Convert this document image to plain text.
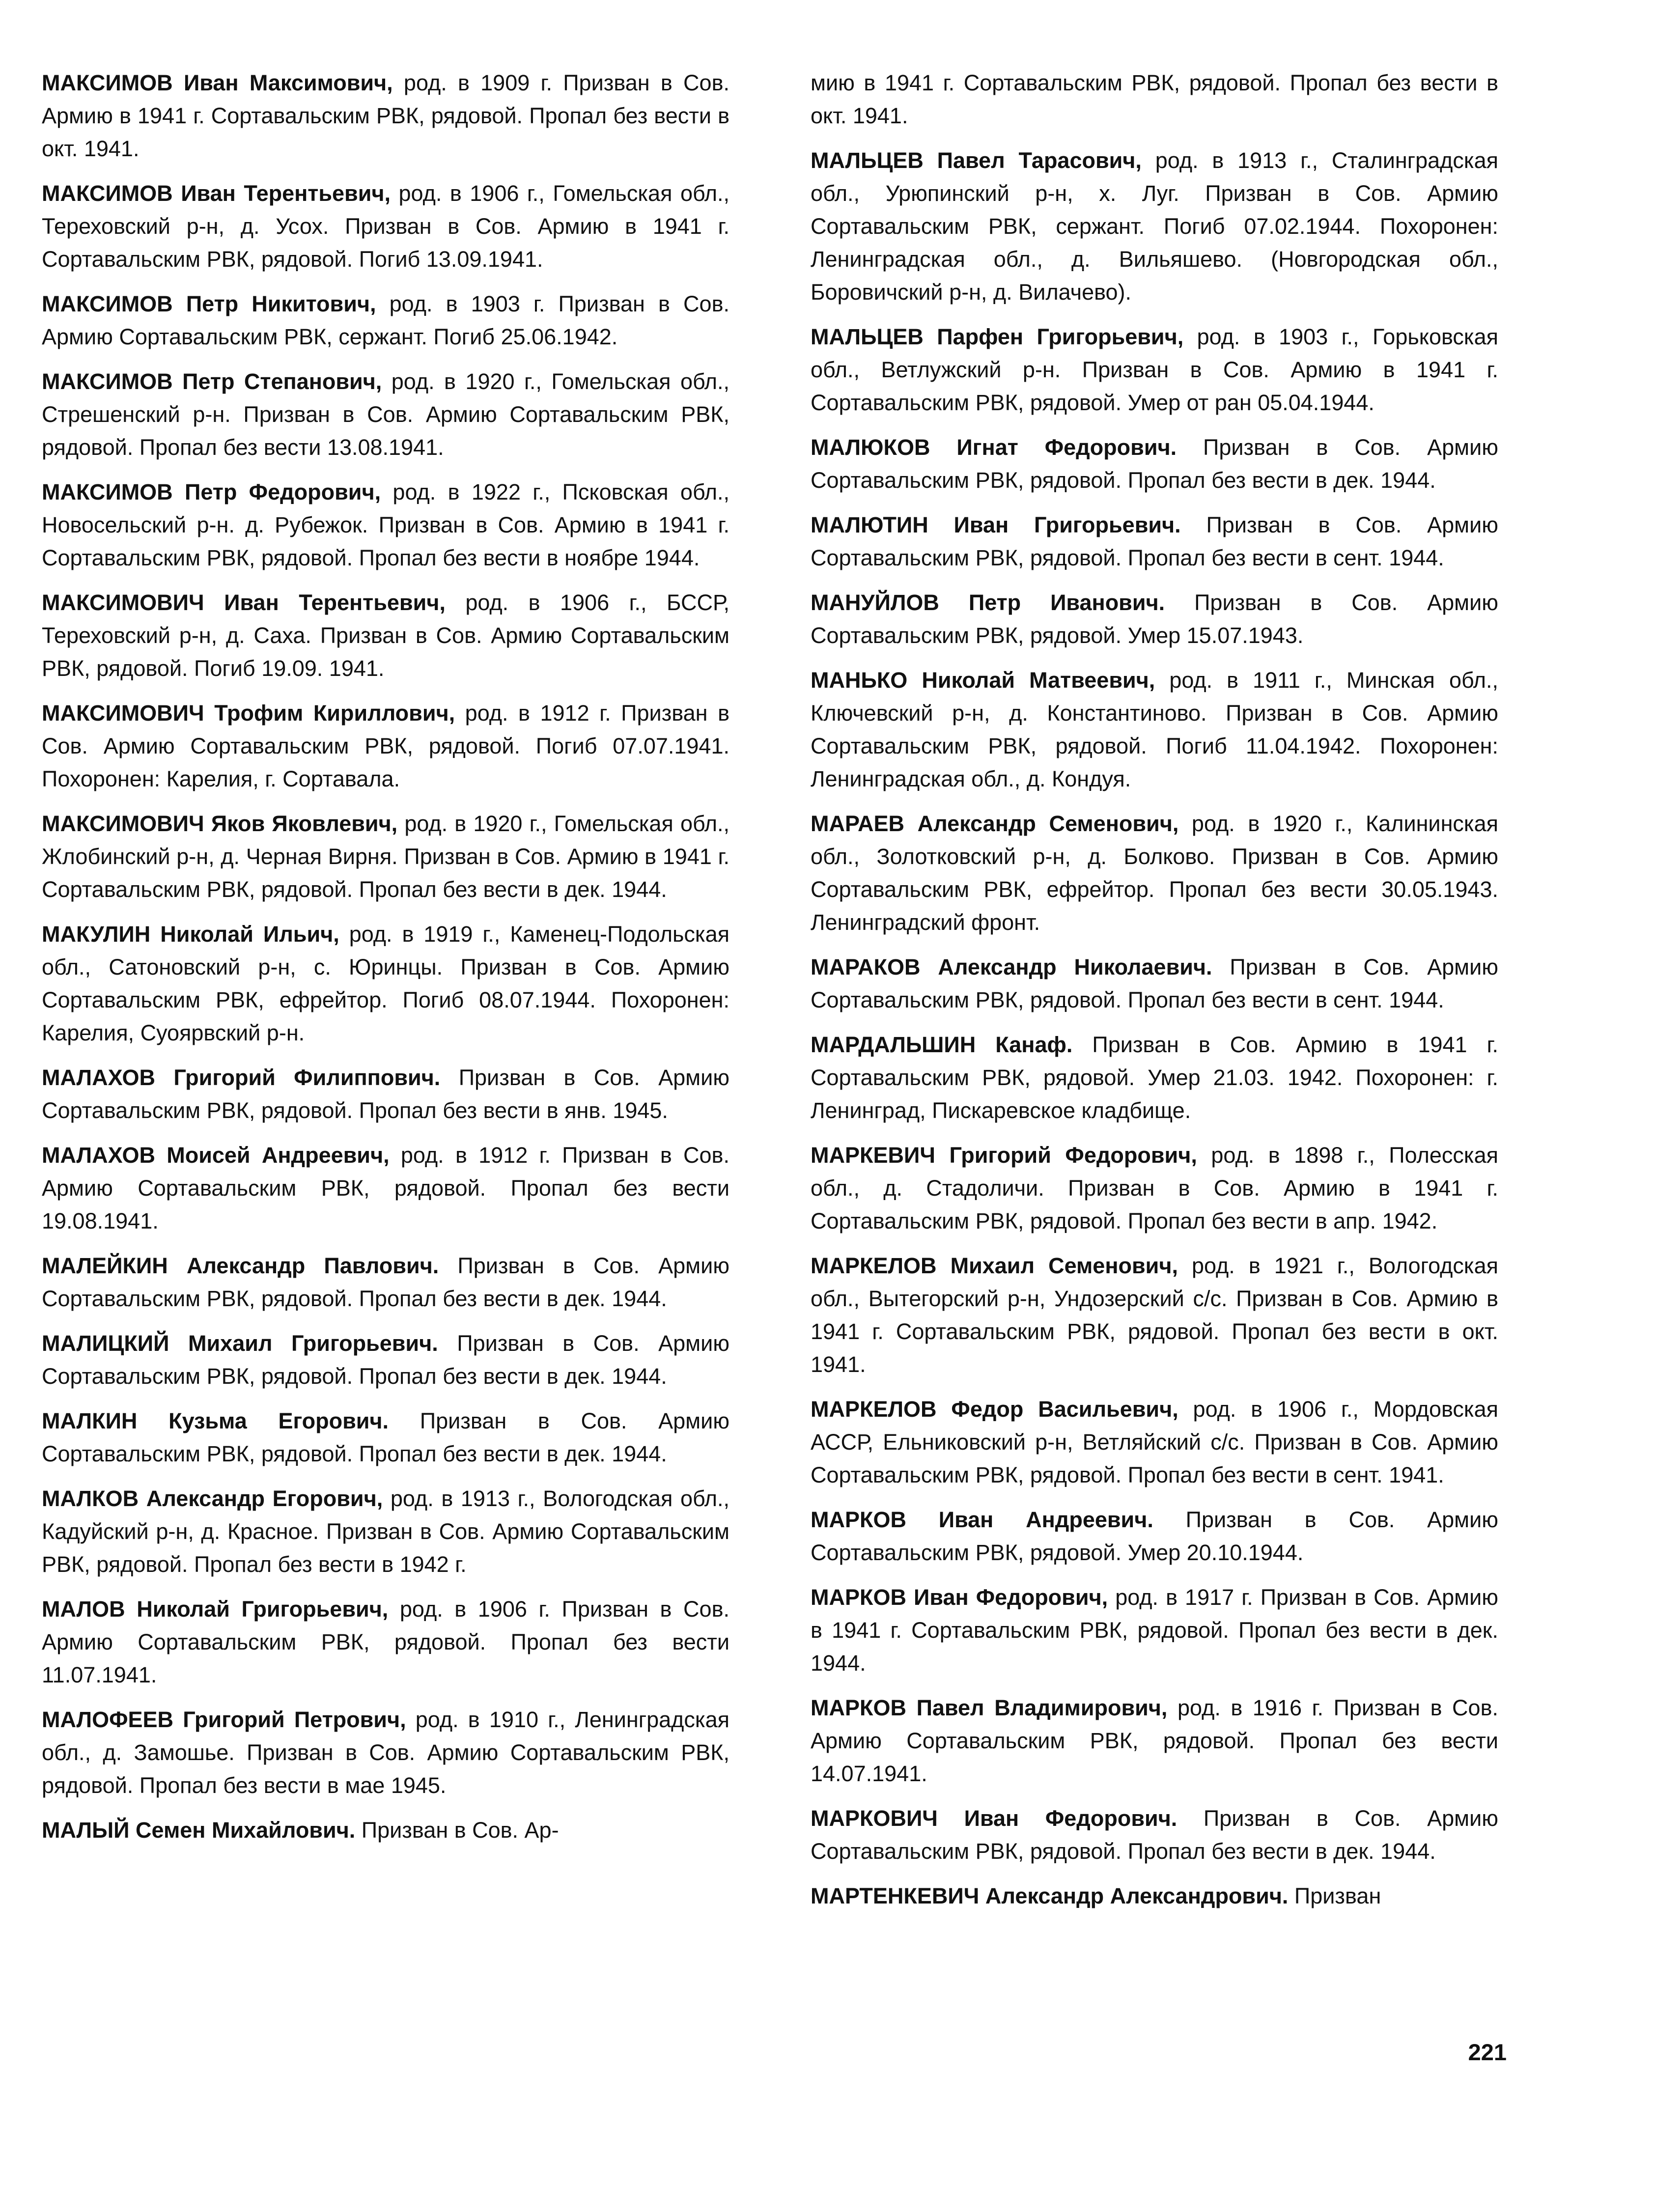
МАКСИМОВ Иван Максимович, род. в 1909 г. Призван в Сов. Армию в 1941 г. Сортавальским РВК, рядовой. Пропал без вести в окт. 1941.

МАКСИМОВ Иван Терентьевич, род. в 1906 г., Гомельская обл., Тереховский р-н, д. Усох. Призван в Сов. Армию в 1941 г. Сортавальским РВК, рядовой. Погиб 13.09.1941.

МАКСИМОВ Петр Никитович, род. в 1903 г. Призван в Сов. Армию Сортавальским РВК, сержант. Погиб 25.06.1942.

МАКСИМОВ Петр Степанович, род. в 1920 г., Гомельская обл., Стрешенский р-н. Призван в Сов. Армию Сортавальским РВК, рядовой. Пропал без вести 13.08.1941.

МАКСИМОВ Петр Федорович, род. в 1922 г., Псковская обл., Новосельский р-н. д. Рубежок. Призван в Сов. Армию в 1941 г. Сортавальским РВК, рядовой. Пропал без вести в ноябре 1944.

МАКСИМОВИЧ Иван Терентьевич, род. в 1906 г., БССР, Тереховский р-н, д. Саха. Призван в Сов. Армию Сортавальским РВК, рядовой. Погиб 19.09. 1941.

МАКСИМОВИЧ Трофим Кириллович, род. в 1912 г. Призван в Сов. Армию Сортавальским РВК, рядовой. Погиб 07.07.1941. Похоронен: Карелия, г. Сортавала.

МАКСИМОВИЧ Яков Яковлевич, род. в 1920 г., Гомельская обл., Жлобинский р-н, д. Черная Вирня. Призван в Сов. Армию в 1941 г. Сортавальским РВК, рядовой. Пропал без вести в дек. 1944.

МАКУЛИН Николай Ильич, род. в 1919 г., Каменец-Подольская обл., Сатоновский р-н, с. Юринцы. Призван в Сов. Армию Сортавальским РВК, ефрейтор. Погиб 08.07.1944. Похоронен: Карелия, Суоярвский р-н.

МАЛАХОВ Григорий Филиппович. Призван в Сов. Армию Сортавальским РВК, рядовой. Пропал без вести в янв. 1945.

МАЛАХОВ Моисей Андреевич, род. в 1912 г. Призван в Сов. Армию Сортавальским РВК, рядовой. Пропал без вести 19.08.1941.

МАЛЕЙКИН Александр Павлович. Призван в Сов. Армию Сортавальским РВК, рядовой. Пропал без вести в дек. 1944.

МАЛИЦКИЙ Михаил Григорьевич. Призван в Сов. Армию Сортавальским РВК, рядовой. Пропал без вести в дек. 1944.

МАЛКИН Кузьма Егорович. Призван в Сов. Армию Сортавальским РВК, рядовой. Пропал без вести в дек. 1944.

МАЛКОВ Александр Егорович, род. в 1913 г., Вологодская обл., Кадуйский р-н, д. Красное. Призван в Сов. Армию Сортавальским РВК, рядовой. Пропал без вести в 1942 г.

МАЛОВ Николай Григорьевич, род. в 1906 г. Призван в Сов. Армию Сортавальским РВК, рядовой. Пропал без вести 11.07.1941.

МАЛОФЕЕВ Григорий Петрович, род. в 1910 г., Ленинградская обл., д. Замошье. Призван в Сов. Армию Сортавальским РВК, рядовой. Пропал без вести в мае 1945.

МАЛЫЙ Семен Михайлович. Призван в Сов. Ар-

мию в 1941 г. Сортавальским РВК, рядовой. Пропал без вести в окт. 1941.

МАЛЬЦЕВ Павел Тарасович, род. в 1913 г., Сталинградская обл., Урюпинский р-н, х. Луг. Призван в Сов. Армию Сортавальским РВК, сержант. Погиб 07.02.1944. Похоронен: Ленинградская обл., д. Вильяшево. (Новгородская обл., Боровичский р-н, д. Вилачево).

МАЛЬЦЕВ Парфен Григорьевич, род. в 1903 г., Горьковская обл., Ветлужский р-н. Призван в Сов. Армию в 1941 г. Сортавальским РВК, рядовой. Умер от ран 05.04.1944.

МАЛЮКОВ Игнат Федорович. Призван в Сов. Армию Сортавальским РВК, рядовой. Пропал без вести в дек. 1944.

МАЛЮТИН Иван Григорьевич. Призван в Сов. Армию Сортавальским РВК, рядовой. Пропал без вести в сент. 1944.

МАНУЙЛОВ Петр Иванович. Призван в Сов. Армию Сортавальским РВК, рядовой. Умер 15.07.1943.

МАНЬКО Николай Матвеевич, род. в 1911 г., Минская обл., Ключевский р-н, д. Константиново. Призван в Сов. Армию Сортавальским РВК, рядовой. Погиб 11.04.1942. Похоронен: Ленинградская обл., д. Кондуя.

МАРАЕВ Александр Семенович, род. в 1920 г., Калининская обл., Золотковский р-н, д. Болково. Призван в Сов. Армию Сортавальским РВК, ефрейтор. Пропал без вести 30.05.1943. Ленинградский фронт.

МАРАКОВ Александр Николаевич. Призван в Сов. Армию Сортавальским РВК, рядовой. Пропал без вести в сент. 1944.

МАРДАЛЬШИН Канаф. Призван в Сов. Армию в 1941 г. Сортавальским РВК, рядовой. Умер 21.03. 1942. Похоронен: г. Ленинград, Пискаревское кладбище.

МАРКЕВИЧ Григорий Федорович, род. в 1898 г., Полесская обл., д. Стадоличи. Призван в Сов. Армию в 1941 г. Сортавальским РВК, рядовой. Пропал без вести в апр. 1942.

МАРКЕЛОВ Михаил Семенович, род. в 1921 г., Вологодская обл., Вытегорский р-н, Ундозерский с/с. Призван в Сов. Армию в 1941 г. Сортавальским РВК, рядовой. Пропал без вести в окт. 1941.

МАРКЕЛОВ Федор Васильевич, род. в 1906 г., Мордовская АССР, Ельниковский р-н, Ветляйский с/с. Призван в Сов. Армию Сортавальским РВК, рядовой. Пропал без вести в сент. 1941.

МАРКОВ Иван Андреевич. Призван в Сов. Армию Сортавальским РВК, рядовой. Умер 20.10.1944.

МАРКОВ Иван Федорович, род. в 1917 г. Призван в Сов. Армию в 1941 г. Сортавальским РВК, рядовой. Пропал без вести в дек. 1944.

МАРКОВ Павел Владимирович, род. в 1916 г. Призван в Сов. Армию Сортавальским РВК, рядовой. Пропал без вести 14.07.1941.

МАРКОВИЧ Иван Федорович. Призван в Сов. Армию Сортавальским РВК, рядовой. Пропал без вести в дек. 1944.

МАРТЕНКЕВИЧ Александр Александрович. Призван

221
